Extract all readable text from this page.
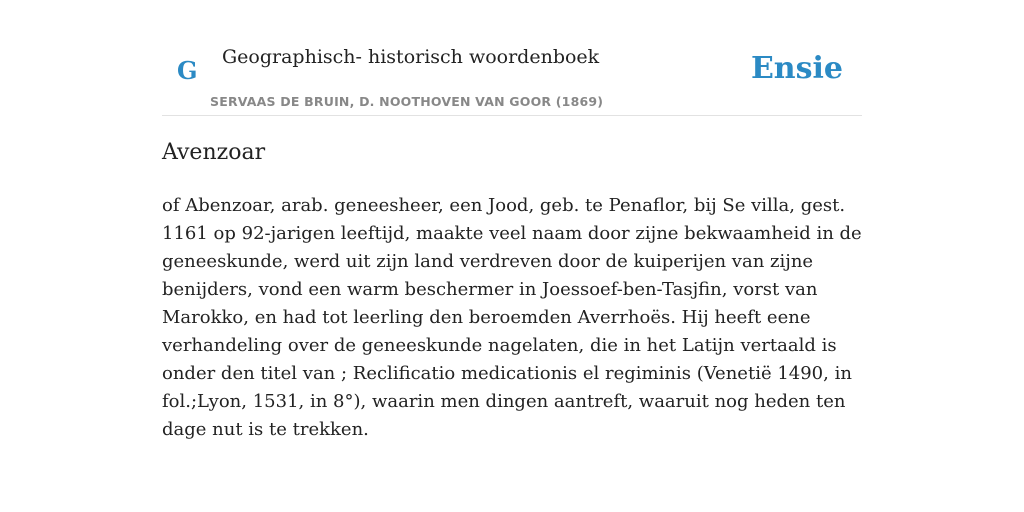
G Geographisch- historisch woordenboek
SERVAAS DE BRUIN, D. NOOTHOVEN VAN GOOR (1869)
Ensie
Avenzoar

of Abenzoar, arab. geneesheer, een Jood, geb. te Penaflor, bij Se villa, gest. 1161 op 92-jarigen leeftijd, maakte veel naam door zijne bekwaamheid in de geneeskunde, werd uit zijn land verdreven door de kuiperijen van zijne benijders, vond een warm beschermer in Joessoef-ben-Tasjfin, vorst van Marokko, en had tot leerling den beroemden Averrhoës. Hij heeft eene verhandeling over de geneeskunde nagelaten, die in het Latijn vertaald is onder den titel van ; Reclificatio medicationis el regiminis (Venetië 1490, in fol.;Lyon, 1531, in 8°), waarin men dingen aantreft, waaruit nog heden ten dage nut is te trekken.
